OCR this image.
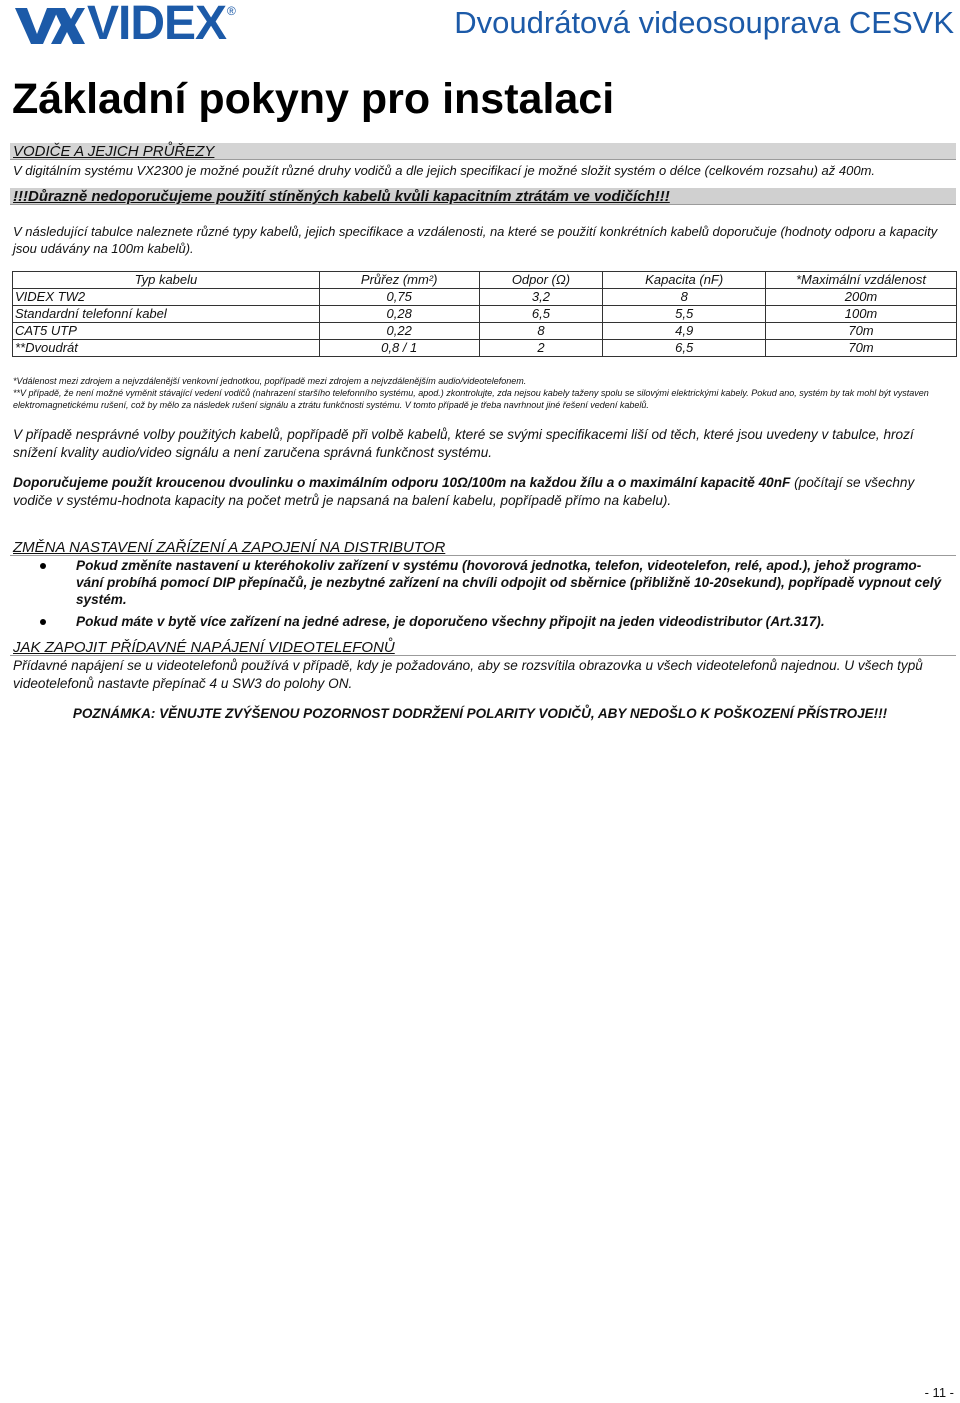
VIDEX ®	Dvoudrátová videosouprava CESVK
Základní pokyny pro instalaci
VODIČE A JEJICH PRŮŘEZY
V digitálním systému VX2300 je možné použít různé druhy vodičů a dle jejich specifikací je možné složit systém o délce (celkovém rozsahu) až 400m.
!!!Důrazně nedoporučujeme použití stíněných kabelů kvůli kapacitním ztrátám ve vodičích!!!
V následující tabulce naleznete různé typy kabelů, jejich specifikace a vzdálenosti, na které se použití konkrétních kabelů doporučuje (hodnoty odporu a kapacity jsou udávány na 100m kabelů).
Typ kabelu	Průřez (mm²)	Odpor (Ω)	Kapacita (nF)	*Maximální vzdálenost
VIDEX TW2	0,75	3,2	8	200m
Standardní telefonní kabel	0,28	6,5	5,5	100m
CAT5 UTP	0,22	8	4,9	70m
**Dvoudrát	0,8 / 1	2	6,5	70m
*Vdálenost mezi zdrojem a nejvzdálenější venkovní jednotkou, popřípadě mezi zdrojem a nejvzdálenějším audio/videotelefonem.
**V případě, že není možné vyměnit stávající vedení vodičů (nahrazení staršího telefonního systému, apod.) zkontrolujte, zda nejsou kabely taženy spolu se silovými elektrickými kabely. Pokud ano, systém by tak mohl být vystaven elektromagnetickému rušení, což by mělo za následek rušení signálu a ztrátu funkčnosti systému. V tomto případě je třeba navrhnout jiné řešení vedení kabelů.
V případě nesprávné volby použitých kabelů, popřípadě při volbě kabelů, které se svými specifikacemi liší od těch, které jsou uvedeny v tabulce, hrozí snížení kvality audio/video signálu a není zaručena správná funkčnost systému.
Doporučujeme použít kroucenou dvoulinku o maximálním odporu 10Ω/100m na každou žílu a o maximální kapacitě 40nF (počítají se všechny vodiče v systému-hodnota kapacity na počet metrů je napsaná na balení kabelu, popřípadě přímo na kabelu).
ZMĚNA NASTAVENÍ ZAŘÍZENÍ A ZAPOJENÍ NA DISTRIBUTOR
Pokud změníte nastavení u kteréhokoliv zařízení v systému (hovorová jednotka, telefon, videotelefon, relé, apod.), jehož programo-vání probíhá pomocí DIP přepínačů, je nezbytné zařízení na chvíli odpojit od sběrnice (přibližně 10-20sekund), popřípadě vypnout celý systém.
Pokud máte v bytě více zařízení na jedné adrese, je doporučeno všechny připojit na jeden videodistributor (Art.317).
JAK ZAPOJIT PŘÍDAVNÉ NAPÁJENÍ VIDEOTELEFONŮ
Přídavné napájení se u videotelefonů používá v případě, kdy je požadováno, aby se rozsvítila obrazovka u všech videotelefonů najednou. U všech typů videotelefonů nastavte přepínač 4 u SW3 do polohy ON.
POZNÁMKA: VĚNUJTE ZVÝŠENOU POZORNOST DODRŽENÍ POLARITY VODIČŮ, ABY NEDOŠLO K POŠKOZENÍ PŘÍSTROJE!!!
- 11 -
